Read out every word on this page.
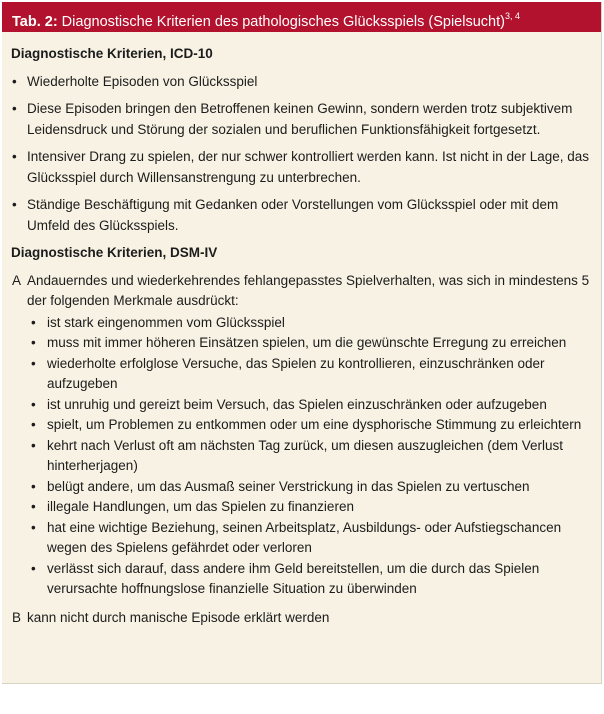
Tab. 2: Diagnostische Kriterien des pathologisches Glücksspiels (Spielsucht)$^{3, 4}$
Diagnostische Kriterien, ICD-10
• Wiederholte Episoden von Glücksspiel
• Diese Episoden bringen den Betroffenen keinen Gewinn, sondern werden trotz subjektivem Leidensdruck und Störung der sozialen und beruflichen Funktionsfähigkeit fortgesetzt.
• Intensiver Drang zu spielen, der nur schwer kontrolliert werden kann. Ist nicht in der Lage, das Glücksspiel durch Willensanstrengung zu unterbrechen.
• Ständige Beschäftigung mit Gedanken oder Vorstellungen vom Glücksspiel oder mit dem Umfeld des Glücksspiels.
Diagnostische Kriterien, DSM-IV
A Andauerndes und wiederkehrendes fehlangepasstes Spielverhalten, was sich in mindestens 5 der folgenden Merkmale ausdrückt:
• ist stark eingenommen vom Glücksspiel
• muss mit immer höheren Einsätzen spielen, um die gewünschte Erregung zu erreichen
• wiederholte erfolglose Versuche, das Spielen zu kontrollieren, einzuschränken oder aufzugeben
• ist unruhig und gereizt beim Versuch, das Spielen einzuschränken oder aufzugeben
• spielt, um Problemen zu entkommen oder um eine dysphorische Stimmung zu erleichtern
• kehrt nach Verlust oft am nächsten Tag zurück, um diesen auszugleichen (dem Verlust hinterherjagen)
• belügt andere, um das Ausmaß seiner Verstrickung in das Spielen zu vertuschen
• illegale Handlungen, um das Spielen zu finanzieren
• hat eine wichtige Beziehung, seinen Arbeitsplatz, Ausbildungs- oder Aufstiegschancen wegen des Spielens gefährdet oder verloren
• verlässt sich darauf, dass andere ihm Geld bereitstellen, um die durch das Spielen verursachte hoffnungslose finanzielle Situation zu überwinden
B kann nicht durch manische Episode erklärt werden
